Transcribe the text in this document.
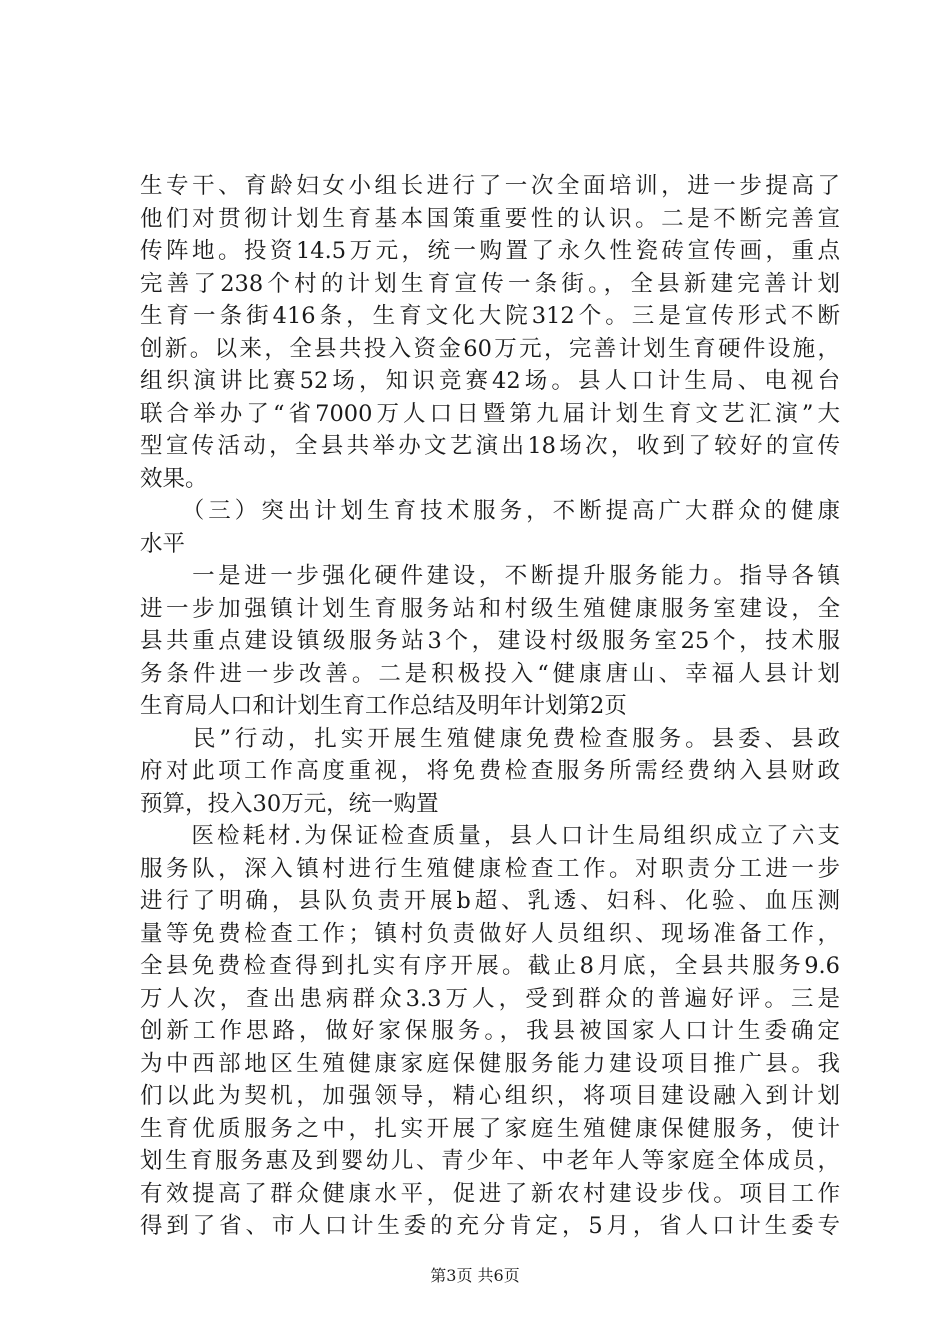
生专干、育龄妇女小组长进行了一次全面培训，进一步提高了
他们对贯彻计划生育基本国策重要性的认识。二是不断完善宣
传阵地。投资14.5万元，统一购置了永久性瓷砖宣传画，重点
完善了238个村的计划生育宣传一条街。，全县新建完善计划
生育一条街416条，生育文化大院312个。三是宣传形式不断
创新。以来，全县共投入资金60万元，完善计划生育硬件设施，
组织演讲比赛52场，知识竞赛42场。县人口计生局、电视台
联合举办了“省7000万人口日暨第九届计划生育文艺汇演”大
型宣传活动，全县共举办文艺演出18场次，收到了较好的宣传
效果。
　　（三）突出计划生育技术服务，不断提高广大群众的健康
水平
　　一是进一步强化硬件建设，不断提升服务能力。指导各镇
进一步加强镇计划生育服务站和村级生殖健康服务室建设，全
县共重点建设镇级服务站3个，建设村级服务室25个，技术服
务条件进一步改善。二是积极投入“健康唐山、幸福人县计划
生育局人口和计划生育工作总结及明年计划第2页
　　民”行动，扎实开展生殖健康免费检查服务。县委、县政
府对此项工作高度重视，将免费检查服务所需经费纳入县财政
预算，投入30万元，统一购置
　　医检耗材.为保证检查质量，县人口计生局组织成立了六支
服务队，深入镇村进行生殖健康检查工作。对职责分工进一步
进行了明确，县队负责开展b超、乳透、妇科、化验、血压测
量等免费检查工作；镇村负责做好人员组织、现场准备工作，
全县免费检查得到扎实有序开展。截止8月底，全县共服务9.6
万人次，查出患病群众3.3万人，受到群众的普遍好评。三是
创新工作思路，做好家保服务。，我县被国家人口计生委确定
为中西部地区生殖健康家庭保健服务能力建设项目推广县。我
们以此为契机，加强领导，精心组织，将项目建设融入到计划
生育优质服务之中，扎实开展了家庭生殖健康保健服务，使计
划生育服务惠及到婴幼儿、青少年、中老年人等家庭全体成员，
有效提高了群众健康水平，促进了新农村建设步伐。项目工作
得到了省、市人口计生委的充分肯定，5月，省人口计生委专
第3页 共6页
